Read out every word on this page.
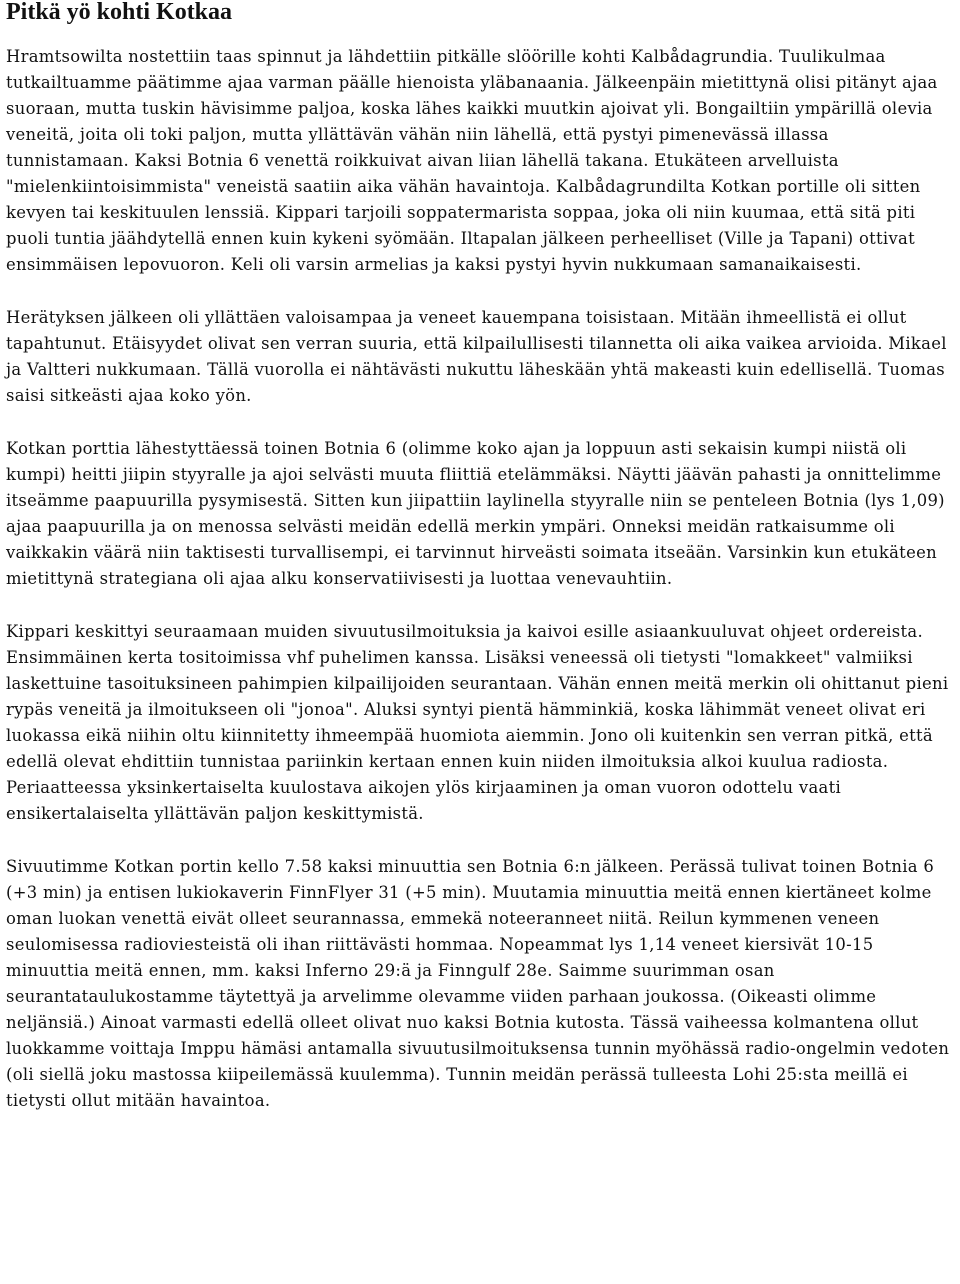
Pitkä yö kohti Kotkaa

Hramtsowilta nostettiin taas spinnut ja lähdettiin pitkälle slöörille kohti Kalbådagrundia. Tuulikulmaa tutkailtuamme päätimme ajaa varman päälle hienoista yläbanaania. Jälkeenpäin mietittynä olisi pitänyt ajaa suoraan, mutta tuskin hävisimme paljoa, koska lähes kaikki muutkin ajoivat yli. Bongailtiin ympärillä olevia veneitä, joita oli toki paljon, mutta yllättävän vähän niin lähellä, että pystyi pimenevässä illassa tunnistamaan. Kaksi Botnia 6 venettä roikkuivat aivan liian lähellä takana. Etukäteen arvelluista "mielenkiintoisimmista" veneistä saatiin aika vähän havaintoja. Kalbådagrundilta Kotkan portille oli sitten kevyen tai keskituulen lenssiä. Kippari tarjoili soppatermarista soppaa, joka oli niin kuumaa, että sitä piti puoli tuntia jäähdytellä ennen kuin kykeni syömään. Iltapalan jälkeen perheelliset (Ville ja Tapani) ottivat ensimmäisen lepovuoron. Keli oli varsin armelias ja kaksi pystyi hyvin nukkumaan samanaikaisesti.

Herätyksen jälkeen oli yllättäen valoisampaa ja veneet kauempana toisistaan. Mitään ihmeellistä ei ollut tapahtunut. Etäisyydet olivat sen verran suuria, että kilpailullisesti tilannetta oli aika vaikea arvioida. Mikael ja Valtteri nukkumaan. Tällä vuorolla ei nähtävästi nukuttu läheskään yhtä makeasti kuin edellisellä. Tuomas saisi sitkeästi ajaa koko yön.

Kotkan porttia lähestyttäessä toinen Botnia 6 (olimme koko ajan ja loppuun asti sekaisin kumpi niistä oli kumpi) heitti jiipin styyralle ja ajoi selvästi muuta fliittiä etelämmäksi. Näytti jäävän pahasti ja onnittelimme itseämme paapuurilla pysymisestä. Sitten kun jiipattiin laylinella styyralle niin se penteleen Botnia (lys 1,09) ajaa paapuurilla ja on menossa selvästi meidän edellä merkin ympäri. Onneksi meidän ratkaisumme oli vaikkakin väärä niin taktisesti turvallisempi, ei tarvinnut hirveästi soimata itseään. Varsinkin kun etukäteen mietittynä strategiana oli ajaa alku konservatiivisesti ja luottaa venevauhtiin.

Kippari keskittyi seuraamaan muiden sivuutusilmoituksia ja kaivoi esille asiaankuuluvat ohjeet ordereista. Ensimmäinen kerta tositoimissa vhf puhelimen kanssa. Lisäksi veneessä oli tietysti "lomakkeet" valmiiksi laskettuine tasoituksineen pahimpien kilpailijoiden seurantaan. Vähän ennen meitä merkin oli ohittanut pieni rypäs veneitä ja ilmoitukseen oli "jonoa". Aluksi syntyi pientä hämminkiä, koska lähimmät veneet olivat eri luokassa eikä niihin oltu kiinnitetty ihmeempää huomiota aiemmin. Jono oli kuitenkin sen verran pitkä, että edellä olevat ehdittiin tunnistaa pariinkin kertaan ennen kuin niiden ilmoituksia alkoi kuulua radiosta. Periaatteessa yksinkertaiselta kuulostava aikojen ylös kirjaaminen ja oman vuoron odottelu vaati ensikertalaiselta yllättävän paljon keskittymistä.

Sivuutimme Kotkan portin kello 7.58 kaksi minuuttia sen Botnia 6:n jälkeen. Perässä tulivat toinen Botnia 6 (+3 min) ja entisen lukiokaverin FinnFlyer 31 (+5 min). Muutamia minuuttia meitä ennen kiertäneet kolme oman luokan venettä eivät olleet seurannassa, emmekä noteeranneet niitä. Reilun kymmenen veneen seulomisessa radioviesteistä oli ihan riittävästi hommaa. Nopeammat lys 1,14 veneet kiersivät 10-15 minuuttia meitä ennen, mm. kaksi Inferno 29:ä ja Finngulf 28e. Saimme suurimman osan seurantataulukostamme täytettyä ja arvelimme olevamme viiden parhaan joukossa. (Oikeasti olimme neljänsiä.) Ainoat varmasti edellä olleet olivat nuo kaksi Botnia kutosta. Tässä vaiheessa kolmantena ollut luokkamme voittaja Imppu hämäsi antamalla sivuutusilmoituksensa tunnin myöhässä radio-ongelmin vedoten (oli siellä joku mastossa kiipeilemässä kuulemma). Tunnin meidän perässä tulleesta Lohi 25:sta meillä ei tietysti ollut mitään havaintoa.
